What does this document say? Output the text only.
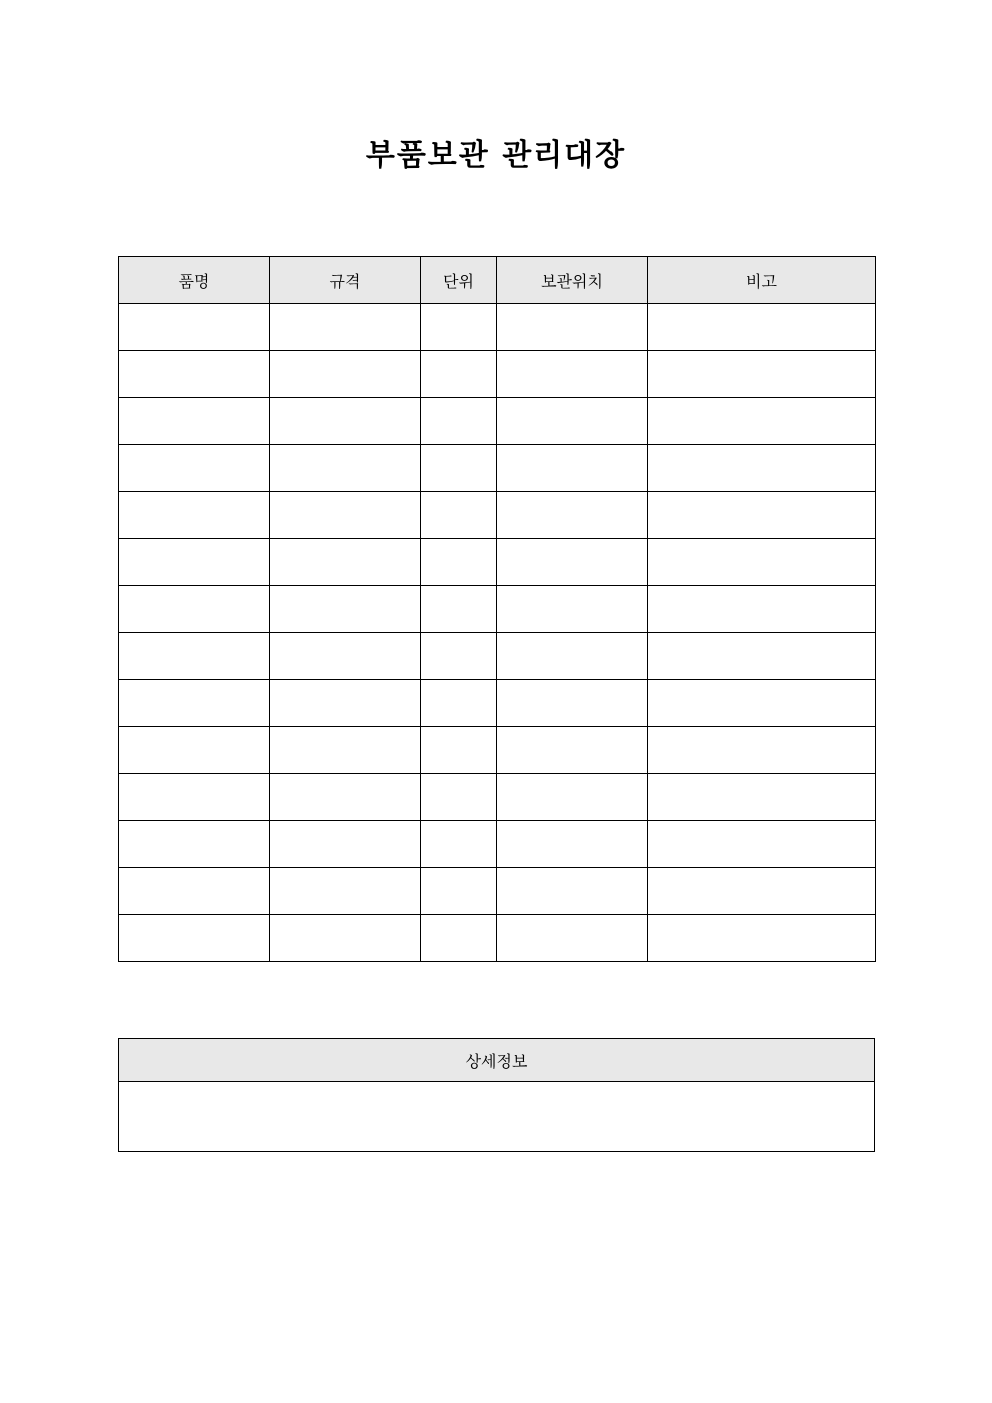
부품보관 관리대장
품명	규격	단위	보관위치	비고

상세정보
